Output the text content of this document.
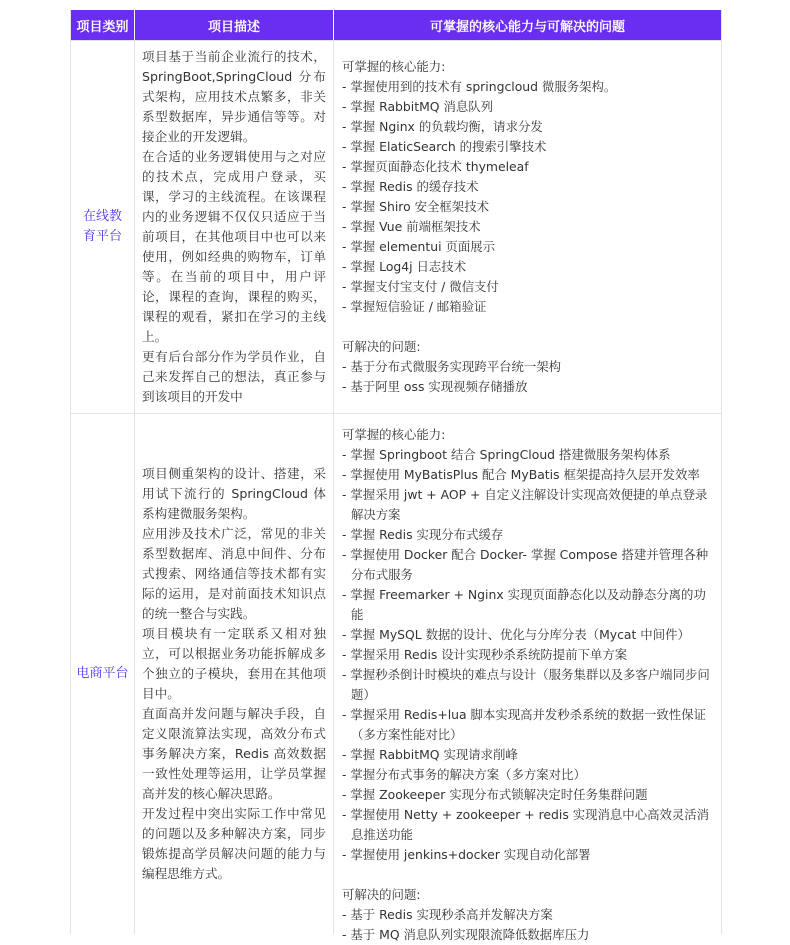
项目类别	项目描述	可掌握的核心能力与可解决的问题
在线教育平台
项目基于当前企业流行的技术，SpringBoot,SpringCloud 分布式架构，应用技术点繁多，非关系型数据库，异步通信等等。对接企业的开发逻辑。
在合适的业务逻辑使用与之对应的技术点，完成用户登录，买课，学习的主线流程。在该课程内的业务逻辑不仅仅只适应于当前项目，在其他项目中也可以来使用，例如经典的购物车，订单等。在当前的项目中，用户评论，课程的查询，课程的购买，课程的观看，紧扣在学习的主线上。
更有后台部分作为学员作业，自己来发挥自己的想法，真正参与到该项目的开发中
可掌握的核心能力:
- 掌握使用到的技术有 springcloud 微服务架构。
- 掌握 RabbitMQ 消息队列
- 掌握 Nginx 的负载均衡，请求分发
- 掌握 ElaticSearch 的搜索引擎技术
- 掌握页面静态化技术 thymeleaf
- 掌握 Redis 的缓存技术
- 掌握 Shiro 安全框架技术
- 掌握 Vue 前端框架技术
- 掌握 elementui 页面展示
- 掌握 Log4j 日志技术
- 掌握支付宝支付 / 微信支付
- 掌握短信验证 / 邮箱验证
可解决的问题:
- 基于分布式微服务实现跨平台统一架构
- 基于阿里 oss 实现视频存储播放
电商平台
项目侧重架构的设计、搭建，采用试下流行的 SpringCloud 体系构建微服务架构。
应用涉及技术广泛，常见的非关系型数据库、消息中间件、分布式搜索、网络通信等技术都有实际的运用，是对前面技术知识点的统一整合与实践。
项目模块有一定联系又相对独立，可以根据业务功能拆解成多个独立的子模块，套用在其他项目中。
直面高并发问题与解决手段，自定义限流算法实现，高效分布式事务解决方案，Redis 高效数据一致性处理等运用，让学员掌握高并发的核心解决思路。
开发过程中突出实际工作中常见的问题以及多种解决方案，同步锻炼提高学员解决问题的能力与编程思维方式。
可掌握的核心能力:
- 掌握 Springboot 结合 SpringCloud 搭建微服务架构体系
- 掌握使用 MyBatisPlus 配合 MyBatis 框架提高持久层开发效率
- 掌握采用 jwt + AOP + 自定义注解设计实现高效便捷的单点登录解决方案
- 掌握 Redis 实现分布式缓存
- 掌握使用 Docker 配合 Docker- 掌握 Compose 搭建并管理各种分布式服务
- 掌握 Freemarker + Nginx 实现页面静态化以及动静态分离的功能
- 掌握 MySQL 数据的设计、优化与分库分表（Mycat 中间件）
- 掌握采用 Redis 设计实现秒杀系统防提前下单方案
- 掌握秒杀倒计时模块的难点与设计（服务集群以及多客户端同步问题）
- 掌握采用 Redis+lua 脚本实现高并发秒杀系统的数据一致性保证（多方案性能对比）
- 掌握 RabbitMQ 实现请求削峰
- 掌握分布式事务的解决方案（多方案对比）
- 掌握 Zookeeper 实现分布式锁解决定时任务集群问题
- 掌握使用 Netty + zookeeper + redis 实现消息中心高效灵活消息推送功能
- 掌握使用 jenkins+docker 实现自动化部署
可解决的问题:
- 基于 Redis 实现秒杀高并发解决方案
- 基于 MQ 消息队列实现限流降低数据库压力
